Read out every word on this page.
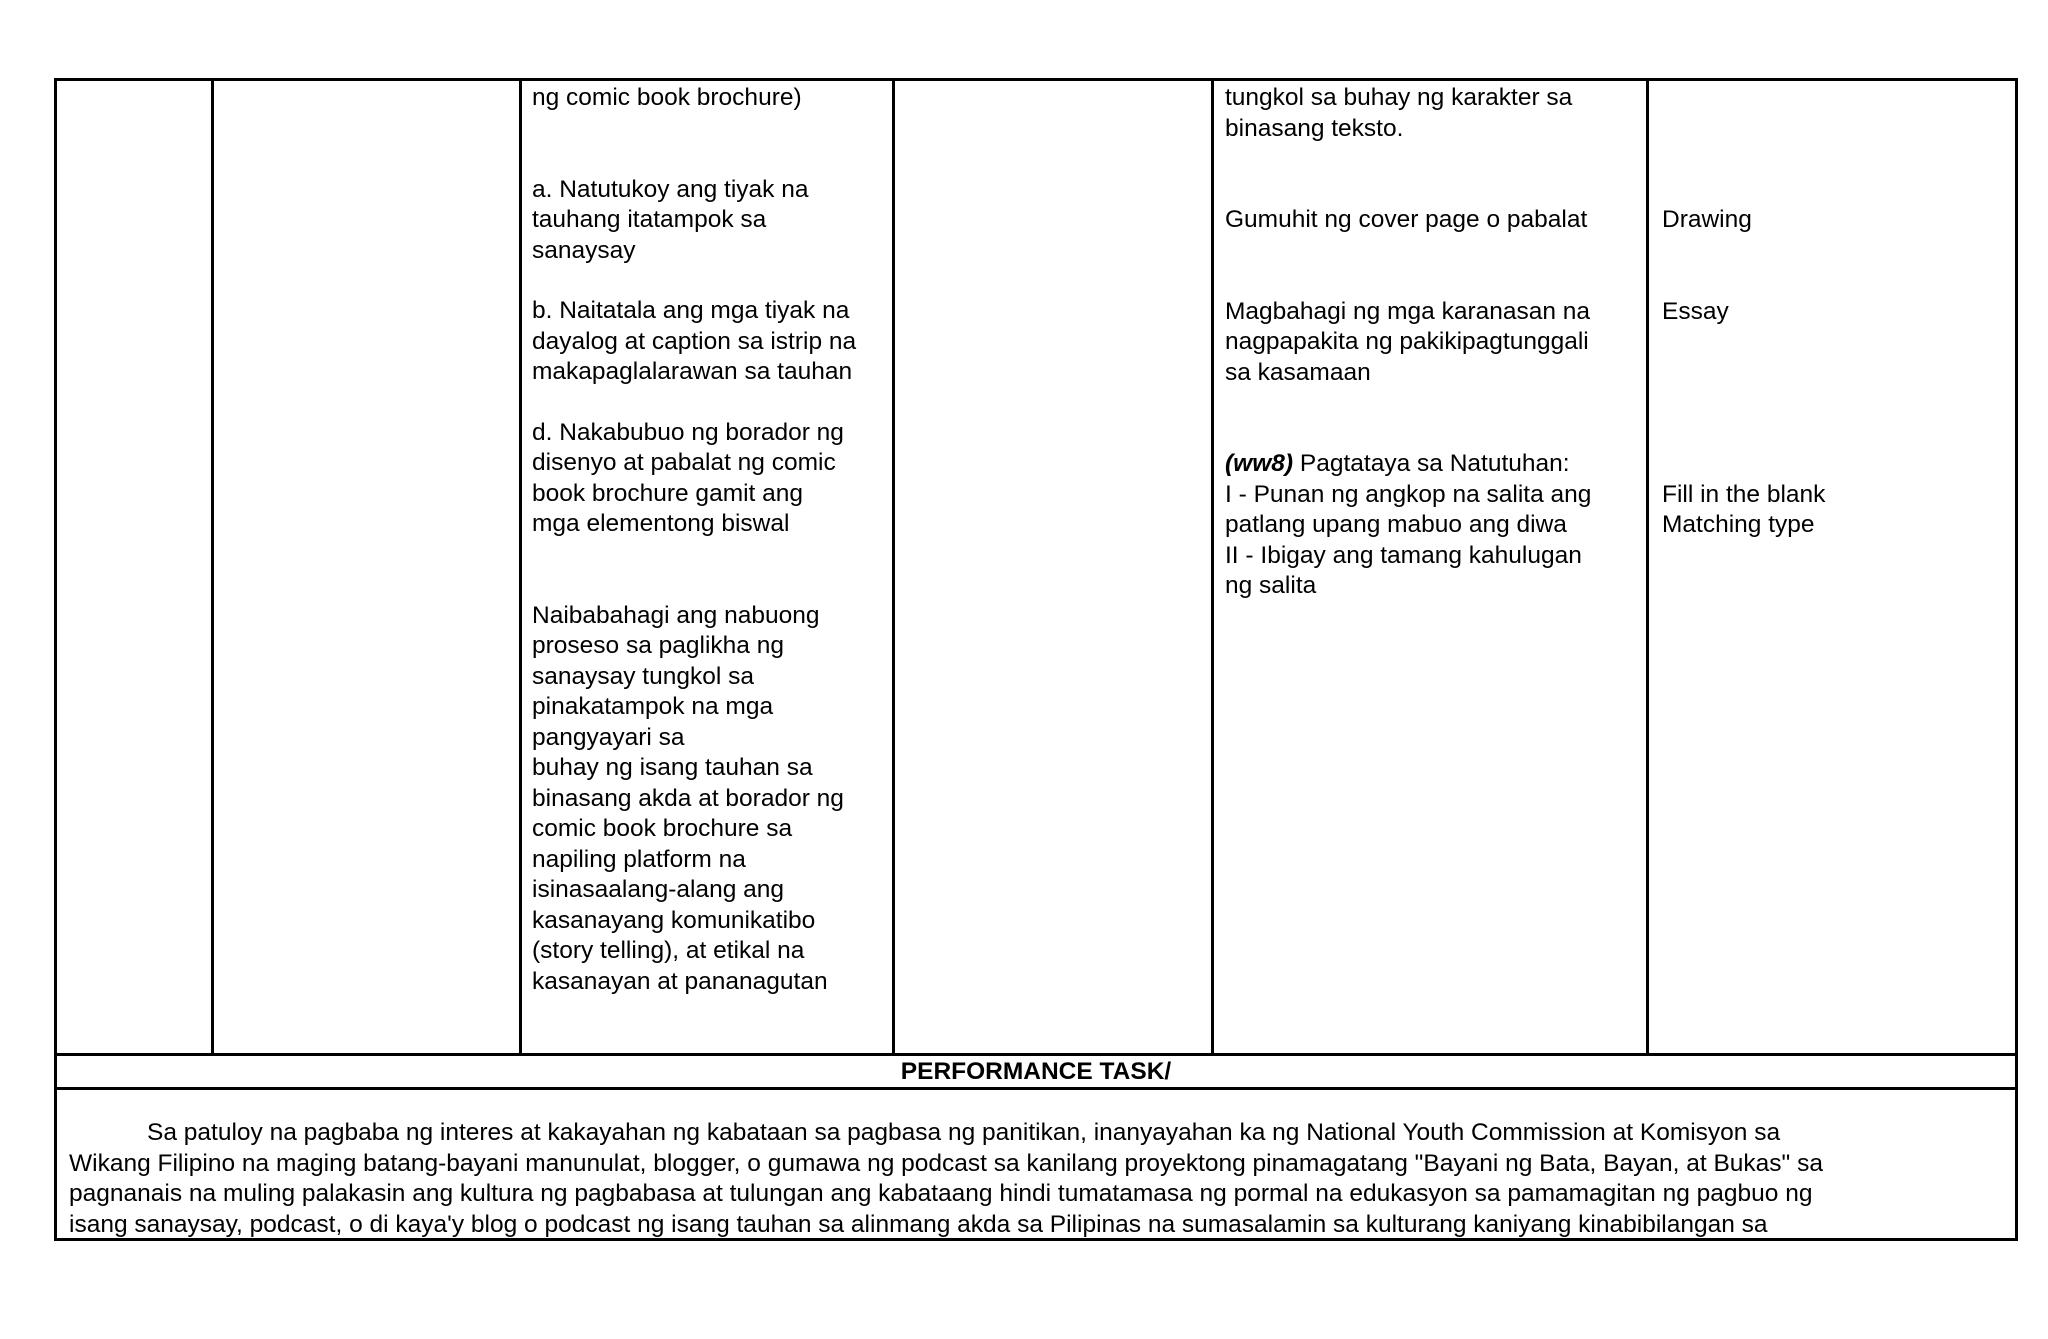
ng comic book brochure)
a. Natutukoy ang tiyak na
tauhang itatampok sa
sanaysay
b. Naitatala ang mga tiyak na
dayalog at caption sa istrip na
makapaglalarawan sa tauhan
d. Nakabubuo ng borador ng
disenyo at pabalat ng comic
book brochure gamit ang
mga elementong biswal
Naibabahagi ang nabuong
proseso sa paglikha ng
sanaysay tungkol sa
pinakatampok na mga
pangyayari sa
buhay ng isang tauhan sa
binasang akda at borador ng
comic book brochure sa
napiling platform na
isinasaalang-alang ang
kasanayang komunikatibo
(story telling), at etikal na
kasanayan at pananagutan
tungkol sa buhay ng karakter sa
binasang teksto.
Gumuhit ng cover page o pabalat
Magbahagi ng mga karanasan na
nagpapakita ng pakikipagtunggali
sa kasamaan
(ww8) Pagtataya sa Natutuhan:
I - Punan ng angkop na salita ang
patlang upang mabuo ang diwa
II - Ibigay ang tamang kahulugan
ng salita
Drawing
Essay
Fill in the blank
Matching type
PERFORMANCE TASK/
Sa patuloy na pagbaba ng interes at kakayahan ng kabataan sa pagbasa ng panitikan, inanyayahan ka ng National Youth Commission at Komisyon sa
Wikang Filipino na maging batang-bayani manunulat, blogger, o gumawa ng podcast sa kanilang proyektong pinamagatang "Bayani ng Bata, Bayan, at Bukas" sa
pagnanais na muling palakasin ang kultura ng pagbabasa at tulungan ang kabataang hindi tumatamasa ng pormal na edukasyon sa pamamagitan ng pagbuo ng
isang sanaysay, podcast, o di kaya'y blog o podcast ng isang tauhan sa alinmang akda sa Pilipinas na sumasalamin sa kulturang kaniyang kinabibilangan sa
